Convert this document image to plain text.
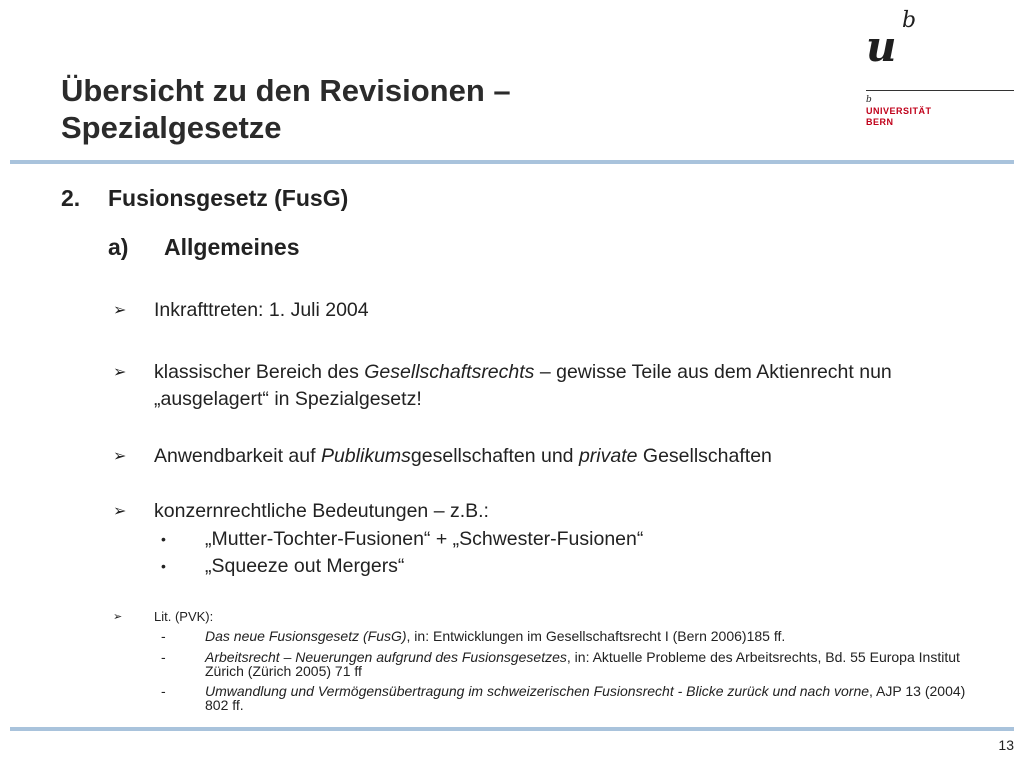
Übersicht zu den Revisionen –
Spezialgesetze
u
b
b
UNIVERSITÄT
BERN
2. Fusionsgesetz (FusG)
a) Allgemeines
➢ Inkrafttreten: 1. Juli 2004
➢ klassischer Bereich des Gesellschaftsrechts – gewisse Teile aus dem Aktienrecht nun „ausgelagert“ in Spezialgesetz!
➢ Anwendbarkeit auf Publikumsgesellschaften und private Gesellschaften
➢ konzernrechtliche Bedeutungen – z.B.:
• „Mutter-Tochter-Fusionen“ + „Schwester-Fusionen“
• „Squeeze out Mergers“
➢ Lit. (PVK):
-	Das neue Fusionsgesetz (FusG), in: Entwicklungen im Gesellschaftsrecht I (Bern 2006)185 ff.
-	Arbeitsrecht – Neuerungen aufgrund des Fusionsgesetzes, in: Aktuelle Probleme des Arbeitsrechts, Bd. 55 Europa Institut Zürich (Zürich 2005) 71 ff
-	Umwandlung und Vermögensübertragung im schweizerischen Fusionsrecht - Blicke zurück und nach vorne, AJP 13 (2004) 802 ff.
13
